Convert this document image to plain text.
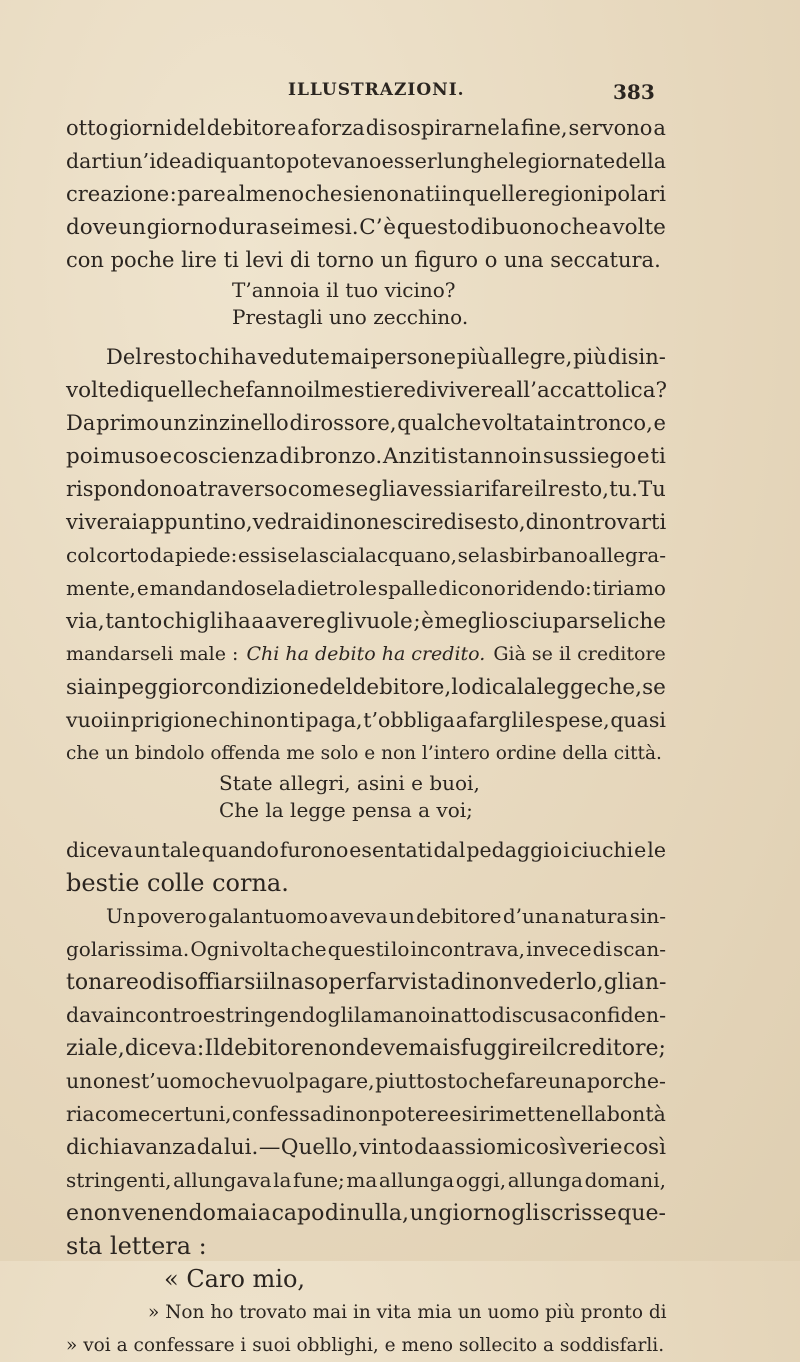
ILLUSTRAZIONI.	383
otto giorni del debitore a forza di sospirarne la fine, servono a
darti un’ idea di quanto potevano esser lunghe le giornate della
creazione : pare almeno che sieno nati in quelle regioni polari
dove un giorno dura sei mesi. C’ è questo di buono che a volte
con poche lire ti levi di torno un figuro o una seccatura.
T’annoia il tuo vicino?
Prestagli uno zecchino.
Del resto chi ha vedute mai persone più allegre, più disin-
volte di quelle che fanno il mestiere di vivere all’ accattolica ?
Da primo un zinzinello di rossore, qualche voltata in tronco, e
poi muso e coscienza di bronzo. Anzi ti stanno in sussiego e ti
rispondono a traverso come se gli avessi a rifare il resto, tu. Tu
viverai appuntino, vedrai di non escire di sesto, di non trovarti
col corto da piede: essi se la scialacquano, se la sbirbano allegra-
mente, e mandandosela dietro le spalle dicono ridendo: tiriamo
via, tanto chi gli ha a avere gli vuole ; è meglio sciuparseli che
mandarseli male : Chi ha debito ha credito. Già se il creditore
sia in peggior condizione del debitore, lo dica la legge che, se
vuoi in prigione chi non ti paga, t’obbliga a fargli le spese, quasi
che un bindolo offenda me solo e non l’intero ordine della città.
State allegri, asini e buoi,
Che la legge pensa a voi;
diceva un tale quando furono esentati dal pedaggio i ciuchi e le
bestie colle corna.
Un povero galantuomo aveva un debitore d’una natura sin-
golarissima. Ogni volta che questi lo incontrava, invece di scan-
tonare o di soffiarsi il naso per far vista di non vederlo, gli an-
dava incontro e stringendogli la mano in atto di scusa confiden-
ziale, diceva : Il debitore non deve mai sfuggire il creditore ;
un onest’ uomo che vuol pagare, piuttosto che fare una porche-
ria come certuni, confessa di non potere e si rimette nella bontà
di chi avanza da lui. — Quello, vinto da assiomi così veri e così
stringenti, allungava la fune; ma allunga oggi, allunga domani,
e non venendo mai a capo di nulla, un giorno gli scrisse que-
sta lettera :
« Caro mio,
» Non ho trovato mai in vita mia un uomo più pronto di
» voi a confessare i suoi obblighi, e meno sollecito a soddisfarli.
